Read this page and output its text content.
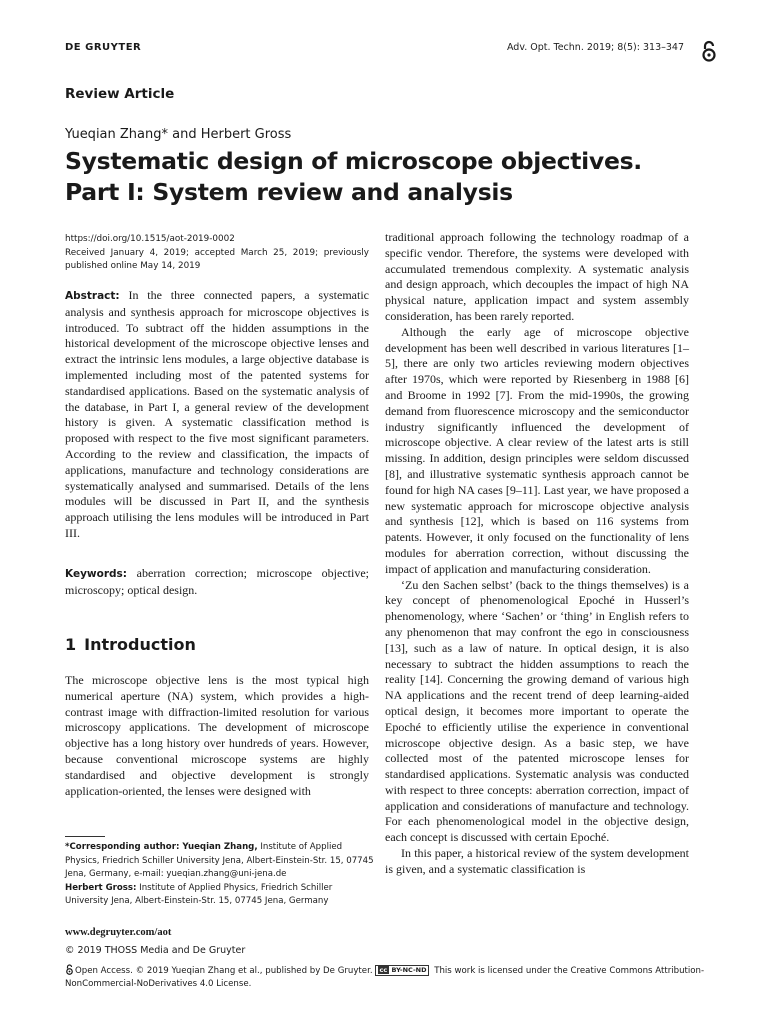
DE GRUYTER	Adv. Opt. Techn. 2019; 8(5): 313–347
Review Article
Yueqian Zhang* and Herbert Gross
Systematic design of microscope objectives.
Part I: System review and analysis
https://doi.org/10.1515/aot-2019-0002
Received January 4, 2019; accepted March 25, 2019; previously published online May 14, 2019

Abstract: In the three connected papers, a systematic analysis and synthesis approach for microscope objectives is introduced. To subtract off the hidden assumptions in the historical development of the microscope objective lenses and extract the intrinsic lens modules, a large objective database is implemented including most of the patented systems for standardised applications. Based on the systematic analysis of the database, in Part I, a general review of the development history is given. A systematic classification method is proposed with respect to the five most significant parameters. According to the review and classification, the impacts of applications, manufacture and technology considerations are systematically analysed and summarised. Details of the lens modules will be discussed in Part II, and the synthesis approach utilising the lens modules will be introduced in Part III.

Keywords: aberration correction; microscope objective; microscopy; optical design.

1 Introduction

The microscope objective lens is the most typical high numerical aperture (NA) system, which provides a high-contrast image with diffraction-limited resolution for various microscopy applications. The development of microscope objective has a long history over hundreds of years. However, because conventional microscope systems are highly standardised and objective development is strongly application-oriented, the lenses were designed with

*Corresponding author: Yueqian Zhang, Institute of Applied Physics, Friedrich Schiller University Jena, Albert-Einstein-Str. 15, 07745 Jena, Germany, e-mail: yueqian.zhang@uni-jena.de
Herbert Gross: Institute of Applied Physics, Friedrich Schiller University Jena, Albert-Einstein-Str. 15, 07745 Jena, Germany
www.degruyter.com/aot
© 2019 THOSS Media and De Gruyter

traditional approach following the technology roadmap of a specific vendor. Therefore, the systems were developed with accumulated tremendous complexity. A systematic analysis and design approach, which decouples the impact of high NA physical nature, application impact and system assembly consideration, has been rarely reported.

Although the early age of microscope objective development has been well described in various literatures [1–5], there are only two articles reviewing modern objectives after 1970s, which were reported by Riesenberg in 1988 [6] and Broome in 1992 [7]. From the mid-1990s, the growing demand from fluorescence microscopy and the semiconductor industry significantly influenced the development of microscope objective. A clear review of the latest arts is still missing. In addition, design principles were seldom discussed [8], and illustrative systematic synthesis approach cannot be found for high NA cases [9–11]. Last year, we have proposed a new systematic approach for microscope objective analysis and synthesis [12], which is based on 116 systems from patents. However, it only focused on the functionality of lens modules for aberration correction, without discussing the impact of application and manufacturing consideration.

‘Zu den Sachen selbst’ (back to the things themselves) is a key concept of phenomenological Epoché in Husserl’s phenomenology, where ‘Sachen’ or ‘thing’ in English refers to any phenomenon that may confront the ego in consciousness [13], such as a law of nature. In optical design, it is also necessary to subtract the hidden assumptions to reach the reality [14]. Concerning the growing demand of various high NA applications and the recent trend of deep learning-aided optical design, it becomes more important to operate the Epoché to efficiently utilise the experience in conventional microscope objective design. As a basic step, we have collected most of the patented microscope lenses for standardised applications. Systematic analysis was conducted with respect to three concepts: aberration correction, impact of application and considerations of manufacture and technology. For each phenomenological model in the objective design, each concept is discussed with certain Epoché.

In this paper, a historical review of the system development is given, and a systematic classification is

Open Access. © 2019 Yueqian Zhang et al., published by De Gruyter. cc BY-NC-ND This work is licensed under the Creative Commons Attribution-NonCommercial-NoDerivatives 4.0 License.
